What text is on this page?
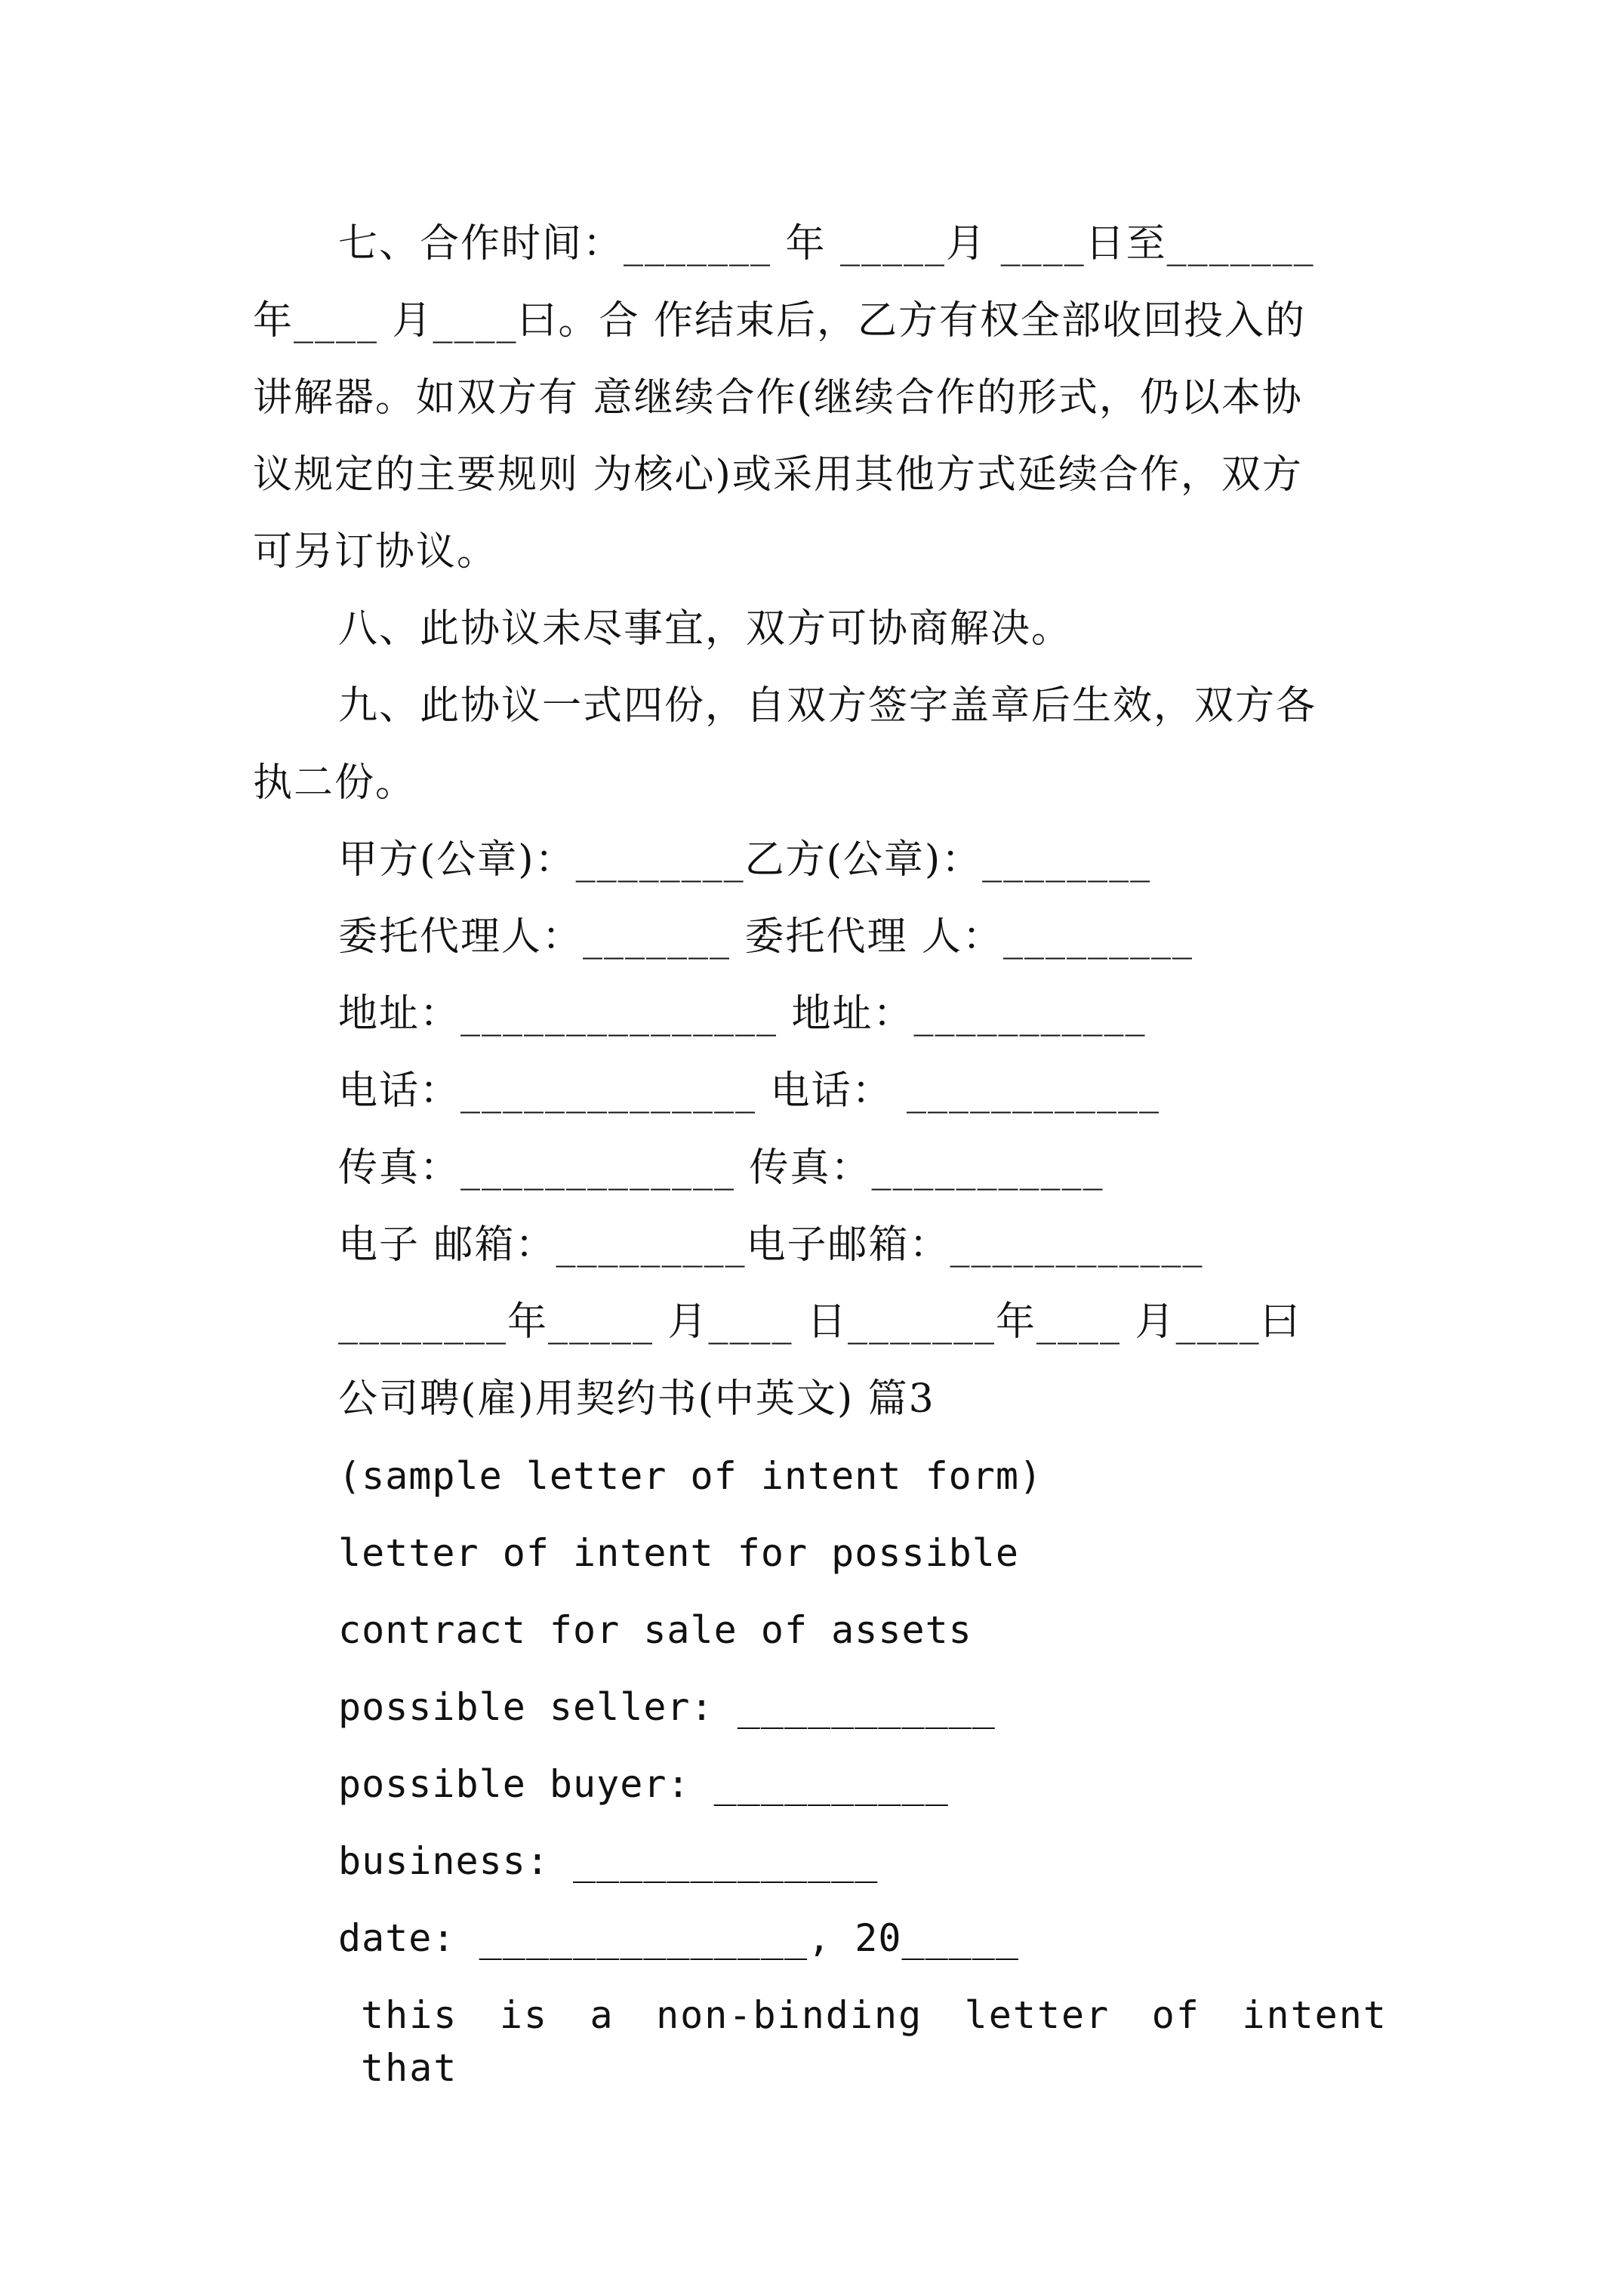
七、合作时间：_______ 年 _____月 ____日至_______
年____ 月____曰。合 作结束后，乙方有权全部收回投入的
讲解器。如双方有 意继续合作(继续合作的形式，仍以本协
议规定的主要规则 为核心)或采用其他方式延续合作，双方
可另订协议。
八、此协议未尽事宜，双方可协商解决。
九、此协议一式四份，自双方签字盖章后生效，双方各
执二份。
甲方(公章)：________乙方(公章)：________
委托代理人：_______ 委托代理 人：_________
地址：_______________ 地址：___________
电话：______________ 电话： ____________
传真：_____________ 传真：___________
电子 邮箱：_________电子邮箱：____________
________年_____ 月____ 日_______年____ 月____曰
公司聘(雇)用契约书(中英文) 篇3
(sample letter of intent form)
letter of intent for possible
contract for sale of assets
possible seller: ___________
possible buyer: __________
business: _____________
date: ______________, 20_____
this is a non-binding letter of intent that
